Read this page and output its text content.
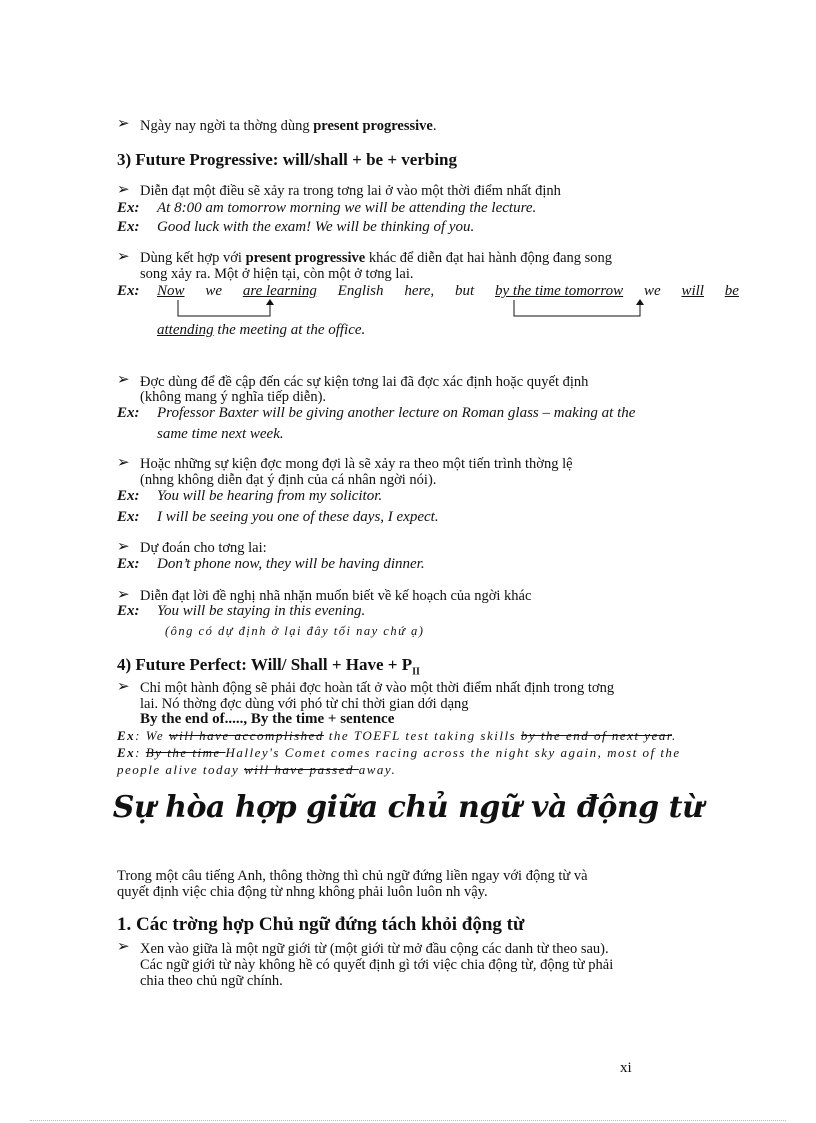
➢ Ngày nay ngời ta thờng dùng present progressive.
3) Future Progressive: will/shall + be + verbing
➢ Diễn đạt một điều sẽ xảy ra trong tơng lai ở vào một thời điểm nhất định
Ex: At 8:00 am tomorrow morning we will be attending the lecture.
Ex: Good luck with the exam! We will be thinking of you.
➢ Dùng kết hợp với present progressive khác để diễn đạt hai hành động đang song
song xảy ra. Một ở hiện tại, còn một ở tơng lai.
Ex: Now we are learning English here, but by the time tomorrow we will be
attending the meeting at the office.
➢ Đợc dùng để đề cập đến các sự kiện tơng lai đã đợc xác định hoặc quyết định
(không mang ý nghĩa tiếp diễn).
Ex: Professor Baxter will be giving another lecture on Roman glass – making at the
same time next week.
➢ Hoặc những sự kiện đợc mong đợi là sẽ xảy ra theo một tiến trình thờng lệ
(nhng không diễn đạt ý định của cá nhân ngời nói).
Ex: You will be hearing from my solicitor.
Ex: I will be seeing you one of these days, I expect.
➢ Dự đoán cho tơng lai:
Ex: Don’t phone now, they will be having dinner.
➢ Diễn đạt lời đề nghị nhã nhặn muốn biết về kế hoạch của ngời khác
Ex: You will be staying in this evening.
(ông có dự định ở lại đây tối nay chứ ạ)
4) Future Perfect: Will/ Shall + Have + $P_{II}$
➢ Chỉ một hành động sẽ phải đợc hoàn tất ở vào một thời điểm nhất định trong tơng
lai. Nó thờng đợc dùng với phó từ chỉ thời gian dới dạng
By the end of....., By the time + sentence
Ex: We will have accomplished the TOEFL test taking skills by the end of next year.
Ex: By the time Halley's Comet comes racing across the night sky again, most of the
people alive today will have passed away.
Sự hòa hợp giữa chủ ngữ và động từ
Trong một câu tiếng Anh, thông thờng thì chủ ngữ đứng liền ngay với động từ và
quyết định việc chia động từ nhng không phải luôn luôn nh vậy.
1. Các trờng hợp Chủ ngữ đứng tách khỏi động từ
➢ Xen vào giữa là một ngữ giới từ (một giới từ mở đầu cộng các danh từ theo sau).
Các ngữ giới từ này không hề có quyết định gì tới việc chia động từ, động từ phải
chia theo chủ ngữ chính.
xi
